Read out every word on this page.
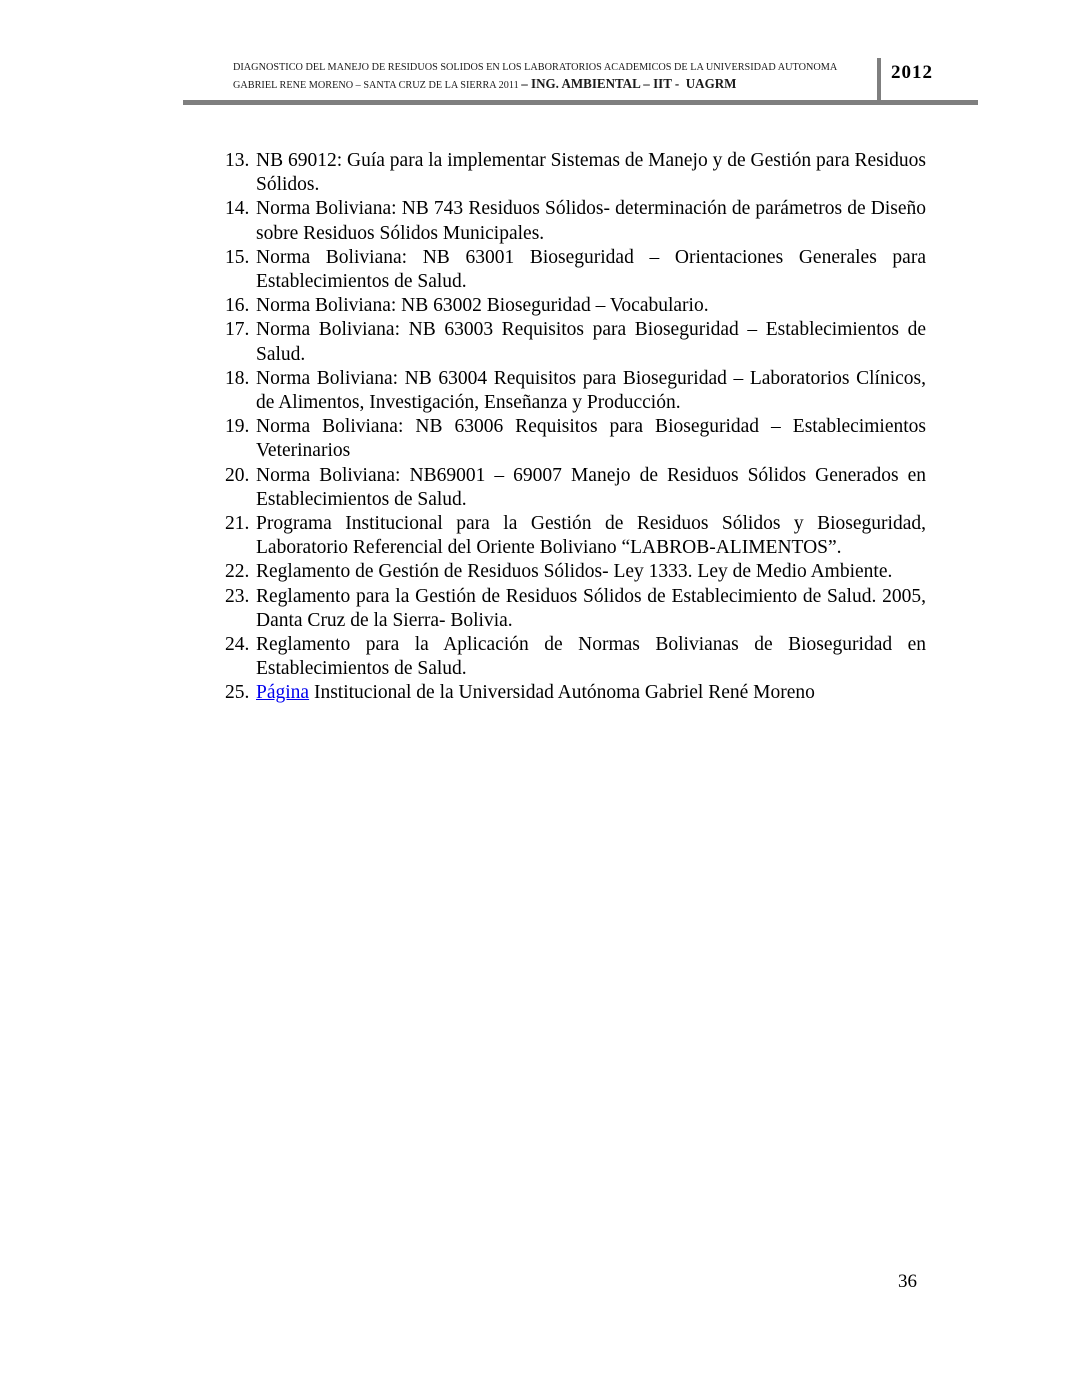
DIAGNOSTICO DEL MANEJO DE RESIDUOS SOLIDOS EN LOS LABORATORIOS ACADEMICOS DE LA UNIVERSIDAD AUTONOMA
GABRIEL RENE MORENO – SANTA CRUZ DE LA SIERRA 2011 – ING. AMBIENTAL – IIT -  UAGRM
2012
13. NB 69012: Guía para la implementar Sistemas de Manejo y de Gestión para Residuos Sólidos.
14. Norma Boliviana: NB 743 Residuos Sólidos- determinación de parámetros de Diseño sobre Residuos Sólidos Municipales.
15. Norma Boliviana: NB 63001 Bioseguridad – Orientaciones Generales para Establecimientos de Salud.
16. Norma Boliviana: NB 63002 Bioseguridad – Vocabulario.
17. Norma Boliviana: NB 63003 Requisitos para Bioseguridad – Establecimientos de Salud.
18. Norma Boliviana: NB 63004 Requisitos para Bioseguridad – Laboratorios Clínicos, de Alimentos, Investigación, Enseñanza y Producción.
19. Norma Boliviana: NB 63006 Requisitos para Bioseguridad – Establecimientos Veterinarios
20. Norma Boliviana: NB69001 – 69007 Manejo de Residuos Sólidos Generados en Establecimientos de Salud.
21. Programa Institucional para la Gestión de Residuos Sólidos y Bioseguridad, Laboratorio Referencial del Oriente Boliviano “LABROB-ALIMENTOS”.
22. Reglamento de Gestión de Residuos Sólidos- Ley 1333. Ley de Medio Ambiente.
23. Reglamento para la Gestión de Residuos Sólidos de Establecimiento de Salud. 2005, Danta Cruz de la Sierra- Bolivia.
24. Reglamento para la Aplicación de Normas Bolivianas de Bioseguridad en Establecimientos de Salud.
25. Página Institucional de la Universidad Autónoma Gabriel René Moreno
36
